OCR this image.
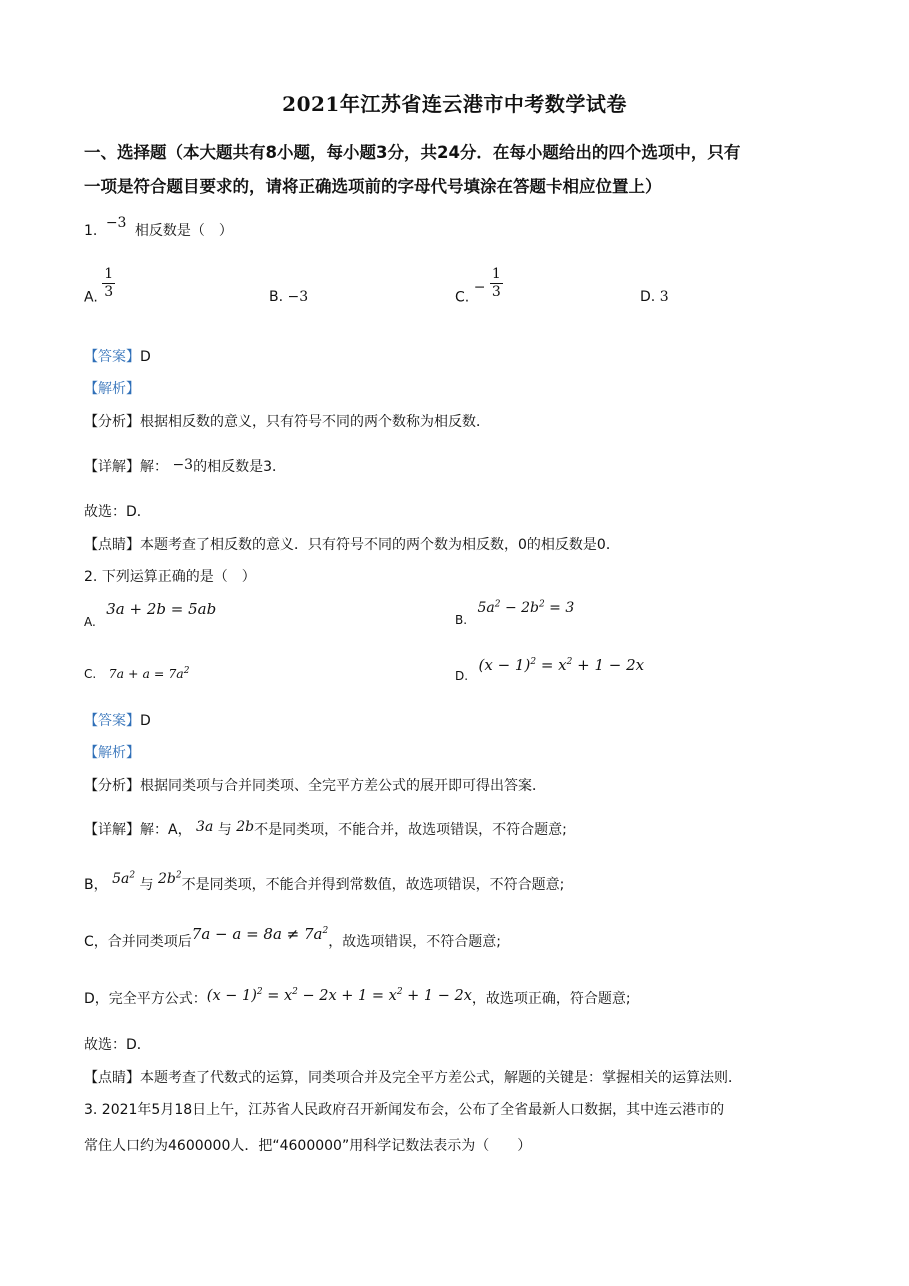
2021年江苏省连云港市中考数学试卷
一、选择题（本大题共有8小题，每小题3分，共24分．在每小题给出的四个选项中，只有
一项是符合题目要求的，请将正确选项前的字母代号填涂在答题卡相应位置上）
1. −3 相反数是（　）
A. $\frac{1}{3}$	B. −3	C. − $\frac{1}{3}$	D. 3
【答案】D
【解析】
【分析】根据相反数的意义，只有符号不同的两个数称为相反数．
【详解】解： −3的相反数是3．
故选：D．
【点睛】本题考查了相反数的意义．只有符号不同的两个数为相反数，0的相反数是0．
2. 下列运算正确的是（　）
A. 3a + 2b = 5ab
B. $5a^2 - 2b^2 = 3$
C. $7a + a = 7a^2$	D. $(x - 1)^2 = x^2 + 1 - 2x$
【答案】D
【解析】
【分析】根据同类项与合并同类项、全完平方差公式的展开即可得出答案．
【详解】解：A， 3a 与 2b不是同类项，不能合并，故选项错误，不符合题意;
B， $5a^2$ 与 $2b^2$不是同类项，不能合并得到常数值，故选项错误，不符合题意;
C，合并同类项后$7a - a = 8a \ne 7a^2$，故选项错误，不符合题意;
D，完全平方公式：$(x - 1)^2 = x^2 - 2x + 1 = x^2 + 1 - 2x$，故选项正确，符合题意;
故选：D．
【点睛】本题考查了代数式的运算，同类项合并及完全平方差公式，解题的关键是：掌握相关的运算法则．
3. 2021年5月18日上午，江苏省人民政府召开新闻发布会，公布了全省最新人口数据，其中连云港市的
常住人口约为4600000人．把“4600000”用科学记数法表示为（　　）
